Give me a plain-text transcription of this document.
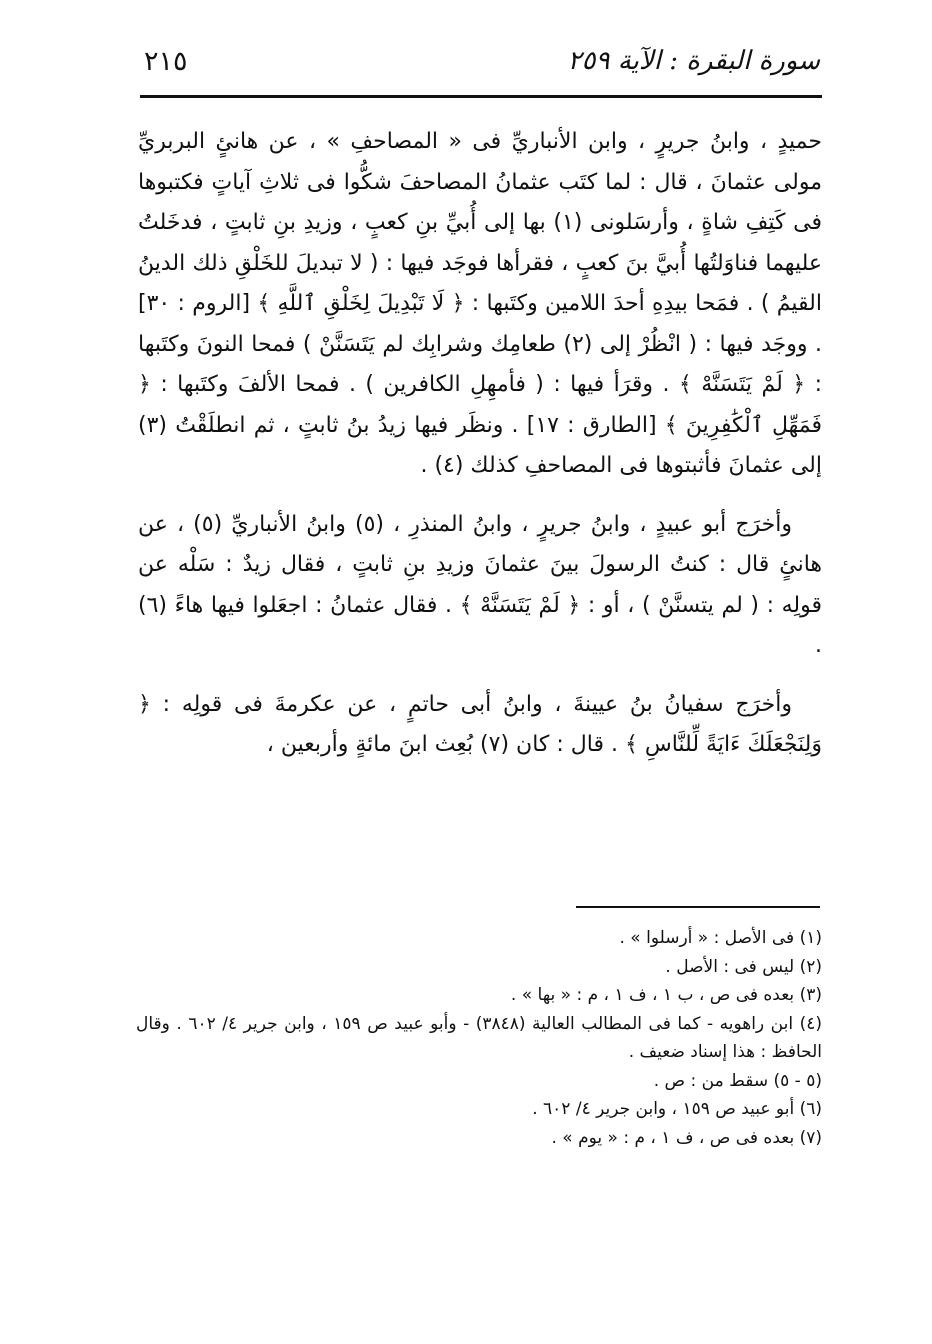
سورة البقرة : الآية ٢٥٩
٢١٥

حميدٍ ، وابنُ جريرٍ ، وابن الأنباريِّ فى « المصاحفِ » ، عن هانئٍ البربريِّ مولى عثمانَ ، قال : لما كتَب عثمانُ المصاحفَ شكُّوا فى ثلاثِ آياتٍ فكتبوها فى كَتِفِ شاةٍ ، وأرسَلونى (١) بها إلى أُبيِّ بنِ كعبٍ ، وزيدِ بنِ ثابتٍ ، فدخَلتُ عليهما فناوَلتُها أُبيَّ بنَ كعبٍ ، فقرأها فوجَد فيها : ( لا تبديلَ للخَلْقِ ذلك الدينُ القيمُ ) . فمَحا بيدِهِ أحدَ اللامين وكتَبها : ﴿ لَا تَبْدِيلَ لِخَلْقِ ٱللَّهِ ﴾ [الروم : ٣٠] . ووجَد فيها : ( انْظُرْ إلى (٢) طعامِك وشرابِك لم يَتَسَنَّنْ ) فمحا النونَ وكتَبها : ﴿ لَمْ يَتَسَنَّهْ ﴾ . وقرَأ فيها : ( فأمهِلِ الكافرين ) . فمحا الألفَ وكتَبها : ﴿ فَمَهِّلِ ٱلْكَٰفِرِينَ ﴾ [الطارق : ١٧] . ونظَر فيها زيدُ بنُ ثابتٍ ، ثم انطلَقْتُ (٣) إلى عثمانَ فأثبتوها فى المصاحفِ كذلك (٤) .

وأخرَج أبو عبيدٍ ، وابنُ جريرٍ ، وابنُ المنذرِ ، (٥) وابنُ الأنباريِّ (٥) ، عن هانئٍ قال : كنتُ الرسولَ بينَ عثمانَ وزيدِ بنِ ثابتٍ ، فقال زيدٌ : سَلْه عن قولِه : ( لم يتسنَّنْ ) ، أو : ﴿ لَمْ يَتَسَنَّهْ ﴾ . فقال عثمانُ : اجعَلوا فيها هاءً (٦) .

وأخرَج سفيانُ بنُ عيينةَ ، وابنُ أبى حاتمٍ ، عن عكرمةَ فى قولِه : ﴿ وَلِنَجْعَلَكَ ءَايَةً لِّلنَّاسِ ﴾ . قال : كان (٧) بُعِث ابنَ مائةٍ وأربعين ،

(١) فى الأصل : « أرسلوا » .

(٢) ليس فى : الأصل .

(٣) بعده فى ص ، ب ١ ، ف ١ ، م : « بها » .

(٤) ابن راهويه - كما فى المطالب العالية (٣٨٤٨) - وأبو عبيد ص ١٥٩ ، وابن جرير ٤/ ٦٠٢ . وقال الحافظ : هذا إسناد ضعيف .

(٥ - ٥) سقط من : ص .

(٦) أبو عبيد ص ١٥٩ ، وابن جرير ٤/ ٦٠٢ .

(٧) بعده فى ص ، ف ١ ، م : « يوم » .
